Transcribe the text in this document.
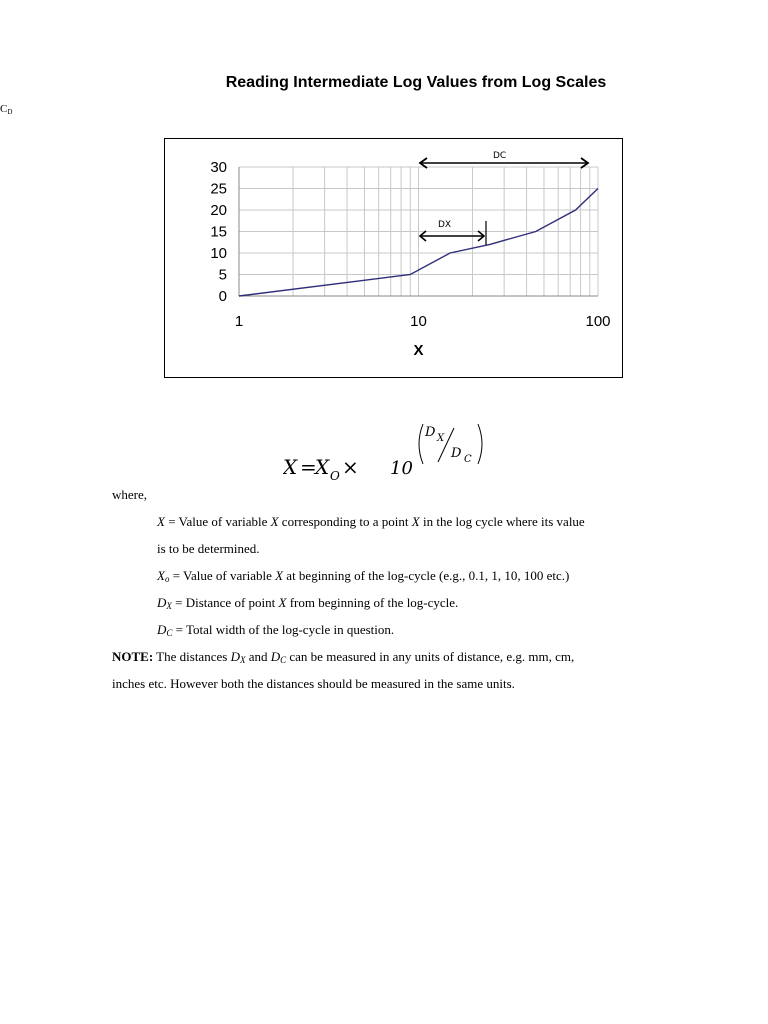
$C_D$
Reading Intermediate Log Values from Log Scales
0
5
10
15
20
25
30
1	10	100
X
DC
DX
X =
X O × 10
D X
D C
where,
X = Value of variable X corresponding to a point X in the log cycle where its value
is to be determined.
$X_o$ = Value of variable X at beginning of the log-cycle (e.g., 0.1, 1, 10, 100 etc.)
$D_X$ = Distance of point X from beginning of the log-cycle.
$D_C$ = Total width of the log-cycle in question.
NOTE: The distances $D_X$ and $D_C$ can be measured in any units of distance, e.g. mm, cm,
inches etc. However both the distances should be measured in the same units.
